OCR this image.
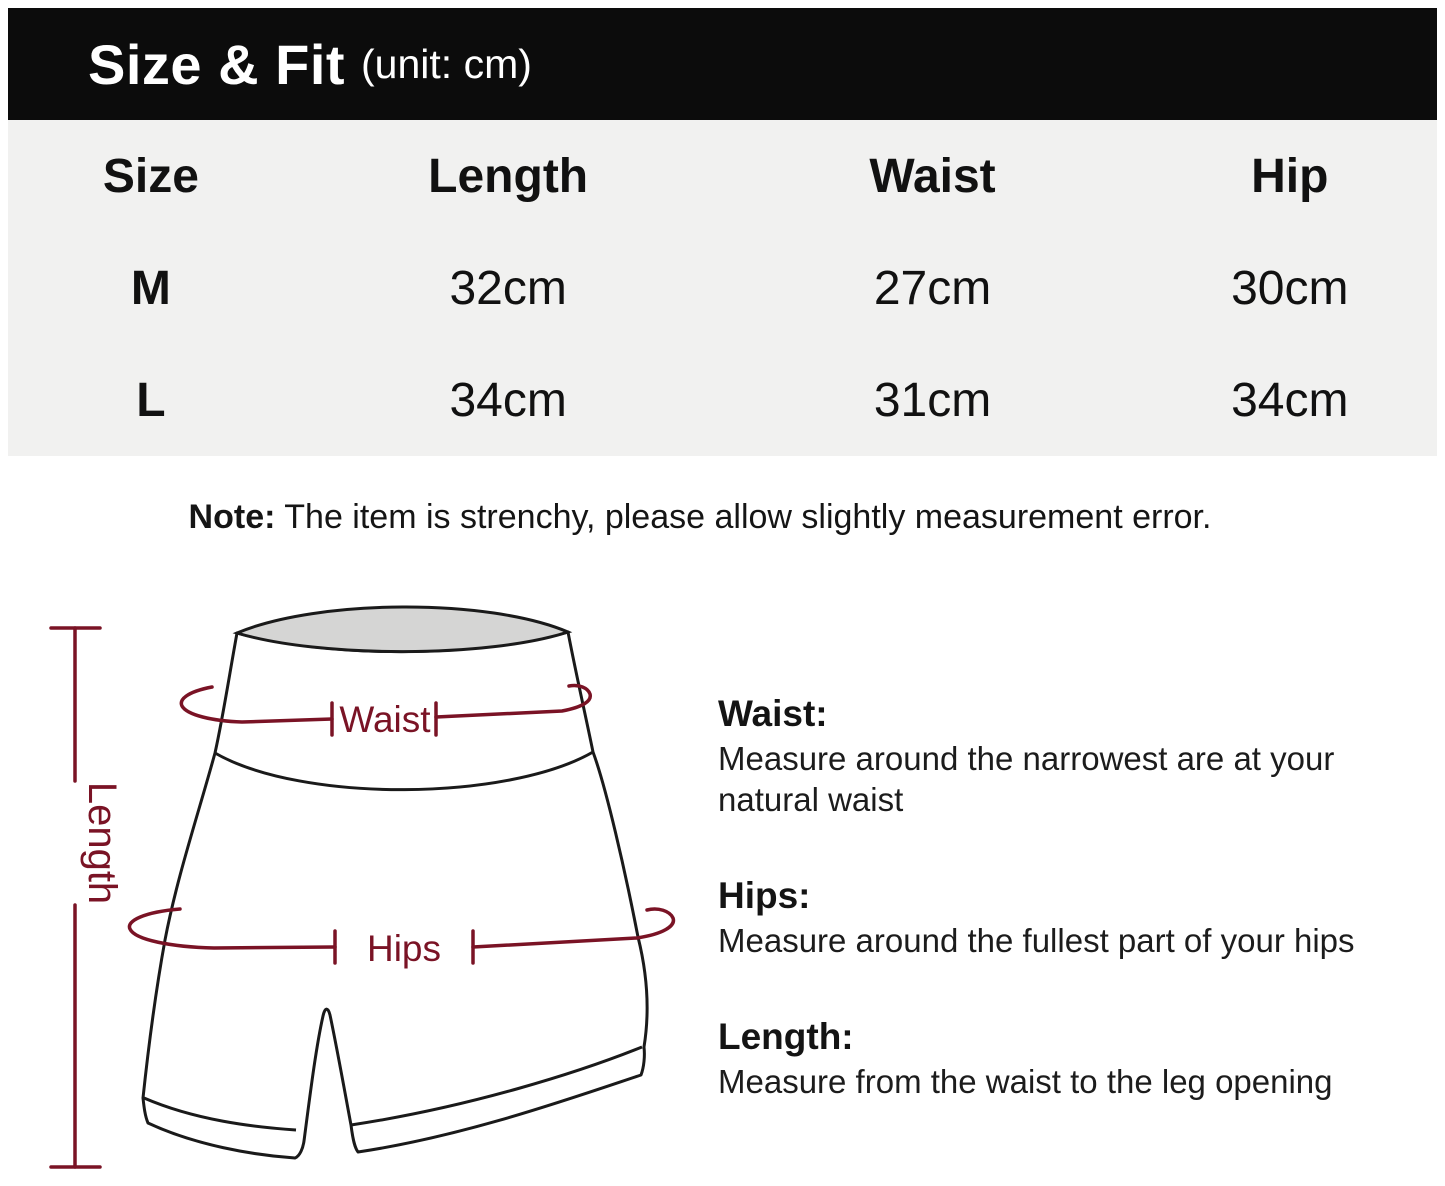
Size & Fit (unit: cm)
Size	Length	Waist	Hip
M	32cm	27cm	30cm
L	34cm	31cm	34cm
Note: The item is strenchy, please allow slightly measurement error.
Waist
Hips
Length
Waist:
Measure around the narrowest are at your natural waist
Hips:
Measure around the fullest part of your hips
Length:
Measure from the waist to the leg opening
